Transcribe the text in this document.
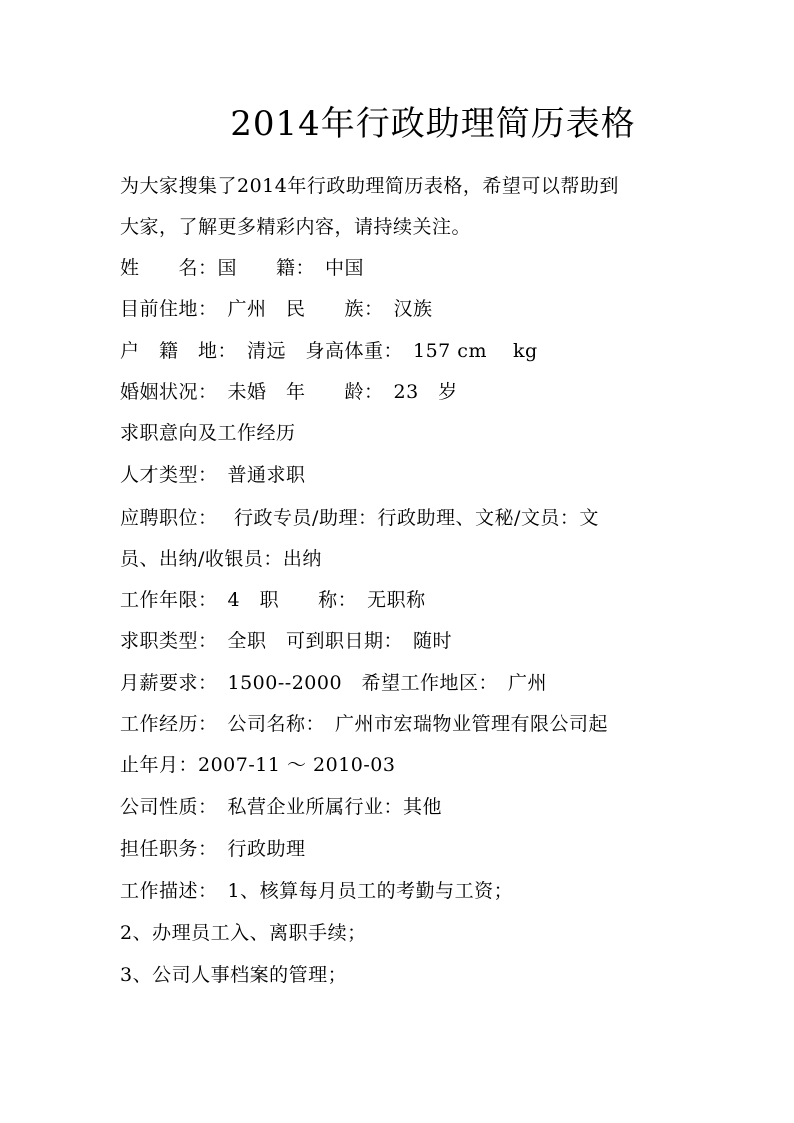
2014年行政助理简历表格
为大家搜集了2014年行政助理简历表格，希望可以帮助到
大家，了解更多精彩内容，请持续关注。
姓　　名：国　　籍：　中国
目前住地：　广州　民　　族：　汉族
户　籍　地：　清远　身高体重：　157 cm　 kg
婚姻状况：　未婚　年　　龄：　23　岁
求职意向及工作经历
人才类型：　普通求职
应聘职位：　 行政专员/助理：行政助理、文秘/文员：文
员、出纳/收银员：出纳
工作年限：　4　职　　称：　无职称
求职类型：　全职　可到职日期：　随时
月薪要求：　1500--2000　希望工作地区：　广州
工作经历：　公司名称：　广州市宏瑞物业管理有限公司起
止年月：2007-11 ～ 2010-03
公司性质：　私营企业所属行业：其他
担任职务：　行政助理
工作描述：　1、核算每月员工的考勤与工资；
2、办理员工入、离职手续；
3、公司人事档案的管理；
